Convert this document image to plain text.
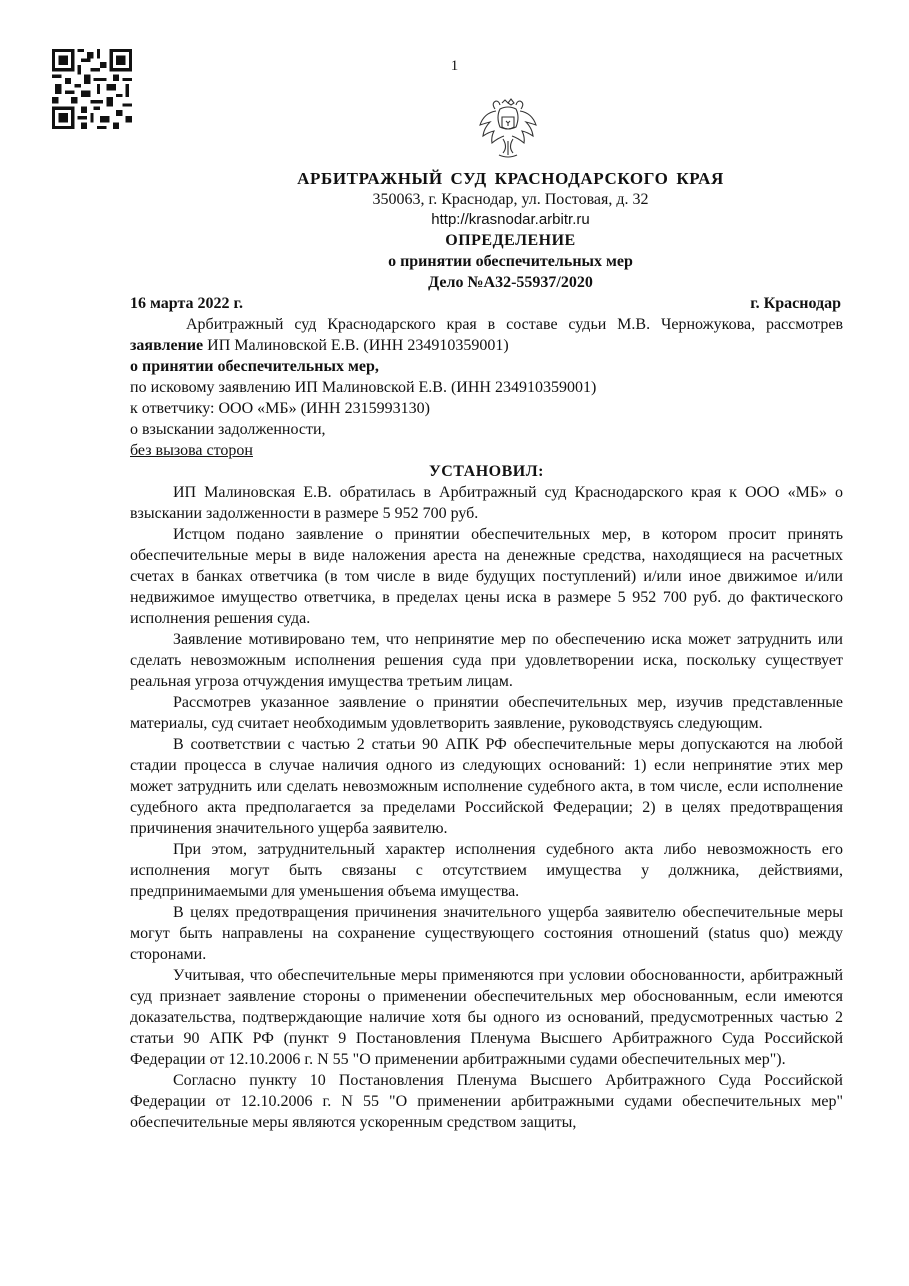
1

АРБИТРАЖНЫЙ СУД КРАСНОДАРСКОГО КРАЯ

350063, г. Краснодар, ул. Постовая, д. 32

http://krasnodar.arbitr.ru

ОПРЕДЕЛЕНИЕ

о принятии обеспечительных мер

Дело №А32-55937/2020

16 марта 2022 г.	г. Краснодар

Арбитражный суд Краснодарского края в составе судьи М.В. Черножукова, рассмотрев заявление ИП Малиновской Е.В. (ИНН 234910359001)

о принятии обеспечительных мер,

по исковому заявлению ИП Малиновской Е.В. (ИНН 234910359001)

к ответчику: ООО «МБ» (ИНН 2315993130)

о взыскании задолженности,

без вызова сторон

УСТАНОВИЛ:

ИП Малиновская Е.В. обратилась в Арбитражный суд Краснодарского края к ООО «МБ» о взыскании задолженности в размере 5 952 700 руб.

Истцом подано заявление о принятии обеспечительных мер, в котором просит принять обеспечительные меры в виде наложения ареста на денежные средства, находящиеся на расчетных счетах в банках ответчика (в том числе в виде будущих поступлений) и/или иное движимое и/или недвижимое имущество ответчика, в пределах цены иска в размере 5 952 700 руб. до фактического исполнения решения суда.

Заявление мотивировано тем, что непринятие мер по обеспечению иска может затруднить или сделать невозможным исполнения решения суда при удовлетворении иска, поскольку существует реальная угроза отчуждения имущества третьим лицам.

Рассмотрев указанное заявление о принятии обеспечительных мер, изучив представленные материалы, суд считает необходимым удовлетворить заявление, руководствуясь следующим.

В соответствии с частью 2 статьи 90 АПК РФ обеспечительные меры допускаются на любой стадии процесса в случае наличия одного из следующих оснований: 1) если непринятие этих мер может затруднить или сделать невозможным исполнение судебного акта, в том числе, если исполнение судебного акта предполагается за пределами Российской Федерации; 2) в целях предотвращения причинения значительного ущерба заявителю.

При этом, затруднительный характер исполнения судебного акта либо невозможность его исполнения могут быть связаны с отсутствием имущества у должника, действиями, предпринимаемыми для уменьшения объема имущества.

В целях предотвращения причинения значительного ущерба заявителю обеспечительные меры могут быть направлены на сохранение существующего состояния отношений (status quo) между сторонами.

Учитывая, что обеспечительные меры применяются при условии обоснованности, арбитражный суд признает заявление стороны о применении обеспечительных мер обоснованным, если имеются доказательства, подтверждающие наличие хотя бы одного из оснований, предусмотренных частью 2 статьи 90 АПК РФ (пункт 9 Постановления Пленума Высшего Арбитражного Суда Российской Федерации от 12.10.2006 г. N 55 "О применении арбитражными судами обеспечительных мер").

Согласно пункту 10 Постановления Пленума Высшего Арбитражного Суда Российской Федерации от 12.10.2006 г. N 55 "О применении арбитражными судами обеспечительных мер" обеспечительные меры являются ускоренным средством защиты,
